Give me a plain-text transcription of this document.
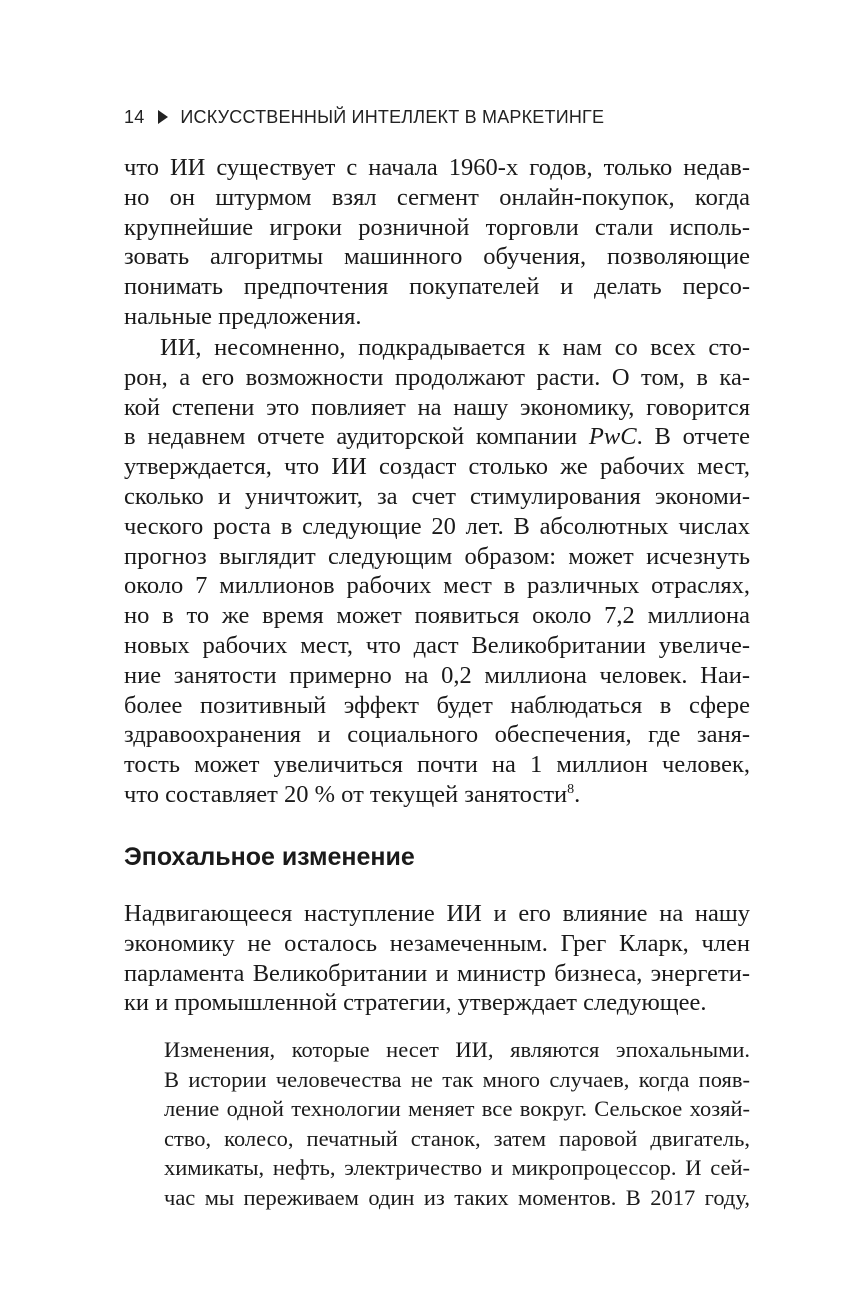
14 ИСКУССТВЕННЫЙ ИНТЕЛЛЕКТ В МАРКЕТИНГЕ
что ИИ существует с начала 1960-х годов, только недав-
но он штурмом взял сегмент онлайн-покупок, когда
крупнейшие игроки розничной торговли стали исполь-
зовать алгоритмы машинного обучения, позволяющие
понимать предпочтения покупателей и делать персо-
нальные предложения.
ИИ, несомненно, подкрадывается к нам со всех сто-
рон, а его возможности продолжают расти. О том, в ка-
кой степени это повлияет на нашу экономику, говорится
в недавнем отчете аудиторской компании PwC. В отчете
утверждается, что ИИ создаст столько же рабочих мест,
сколько и уничтожит, за счет стимулирования экономи-
ческого роста в следующие 20 лет. В абсолютных числах
прогноз выглядит следующим образом: может исчезнуть
около 7 миллионов рабочих мест в различных отраслях,
но в то же время может появиться около 7,2 миллиона
новых рабочих мест, что даст Великобритании увеличе-
ние занятости примерно на 0,2 миллиона человек. Наи-
более позитивный эффект будет наблюдаться в сфере
здравоохранения и социального обеспечения, где заня-
тость может увеличиться почти на 1 миллион человек,
что составляет 20 % от текущей занятости$^8$.
Эпохальное изменение
Надвигающееся наступление ИИ и его влияние на нашу
экономику не осталось незамеченным. Грег Кларк, член
парламента Великобритании и министр бизнеса, энергети-
ки и промышленной стратегии, утверждает следующее.
Изменения, которые несет ИИ, являются эпохальными.
В истории человечества не так много случаев, когда появ-
ление одной технологии меняет все вокруг. Сельское хозяй-
ство, колесо, печатный станок, затем паровой двигатель,
химикаты, нефть, электричество и микропроцессор. И сей-
час мы переживаем один из таких моментов. В 2017 году,
